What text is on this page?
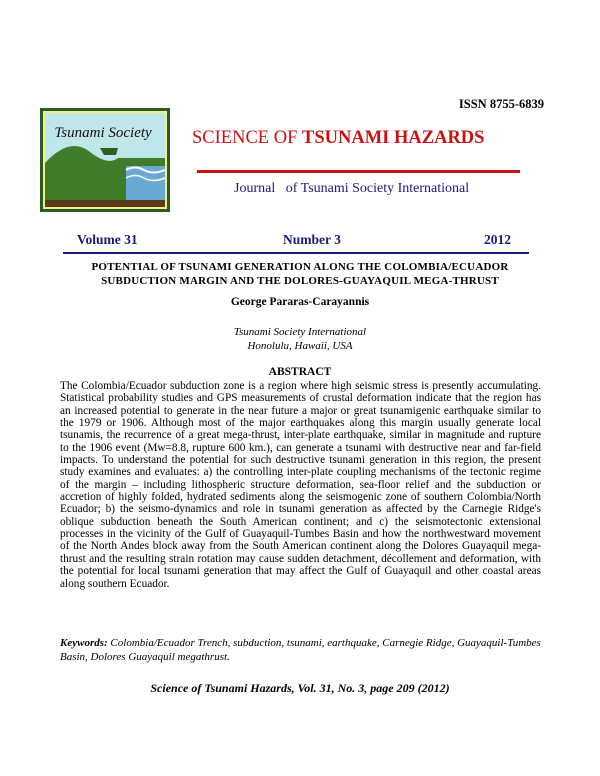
ISSN 8755-6839
Tsunami Society SCIENCE OF TSUNAMI HAZARDS
Journal   of Tsunami Society International
Volume 31	Number 3	2012
POTENTIAL OF TSUNAMI GENERATION ALONG THE COLOMBIA/ECUADOR
SUBDUCTION MARGIN AND THE DOLORES-GUAYAQUIL MEGA-THRUST
George Pararas-Carayannis
Tsunami Society International
Honolulu, Hawaii, USA
ABSTRACT
The Colombia/Ecuador subduction zone is a region where high seismic stress is presently accumulating. Statistical probability studies and GPS measurements of crustal deformation indicate that the region has an increased potential to generate in the near future a major or great tsunamigenic earthquake similar to the 1979 or 1906. Although most of the major earthquakes along this margin usually generate local tsunamis, the recurrence of a great mega-thrust, inter-plate earthquake, similar in magnitude and rupture to the 1906 event (Mw=8.8, rupture 600 km.), can generate a tsunami with destructive near and far-field impacts. To understand the potential for such destructive tsunami generation in this region, the present study examines and evaluates: a) the controlling inter-plate coupling mechanisms of the tectonic regime of the margin – including lithospheric structure deformation, sea-floor relief and the subduction or accretion of highly folded, hydrated sediments along the seismogenic zone of southern Colombia/North Ecuador; b) the seismo-dynamics and role in tsunami generation as affected by the Carnegie Ridge's oblique subduction beneath the South American continent; and c) the seismotectonic extensional processes in the vicinity of the Gulf of Guayaquil-Tumbes Basin and how the northwestward movement of the North Andes block away from the South American continent along the Dolores Guayaquil mega-thrust and the resulting strain rotation may cause sudden detachment, décollement and deformation, with the potential for local tsunami generation that may affect the Gulf of Guayaquil and other coastal areas along southern Ecuador.
Keywords: Colombia/Ecuador Trench, subduction, tsunami, earthquake, Carnegie Ridge, Guayaquil-Tumbes Basin, Dolores Guayaquil megathrust.
Science of Tsunami Hazards, Vol. 31, No. 3, page 209 (2012)
